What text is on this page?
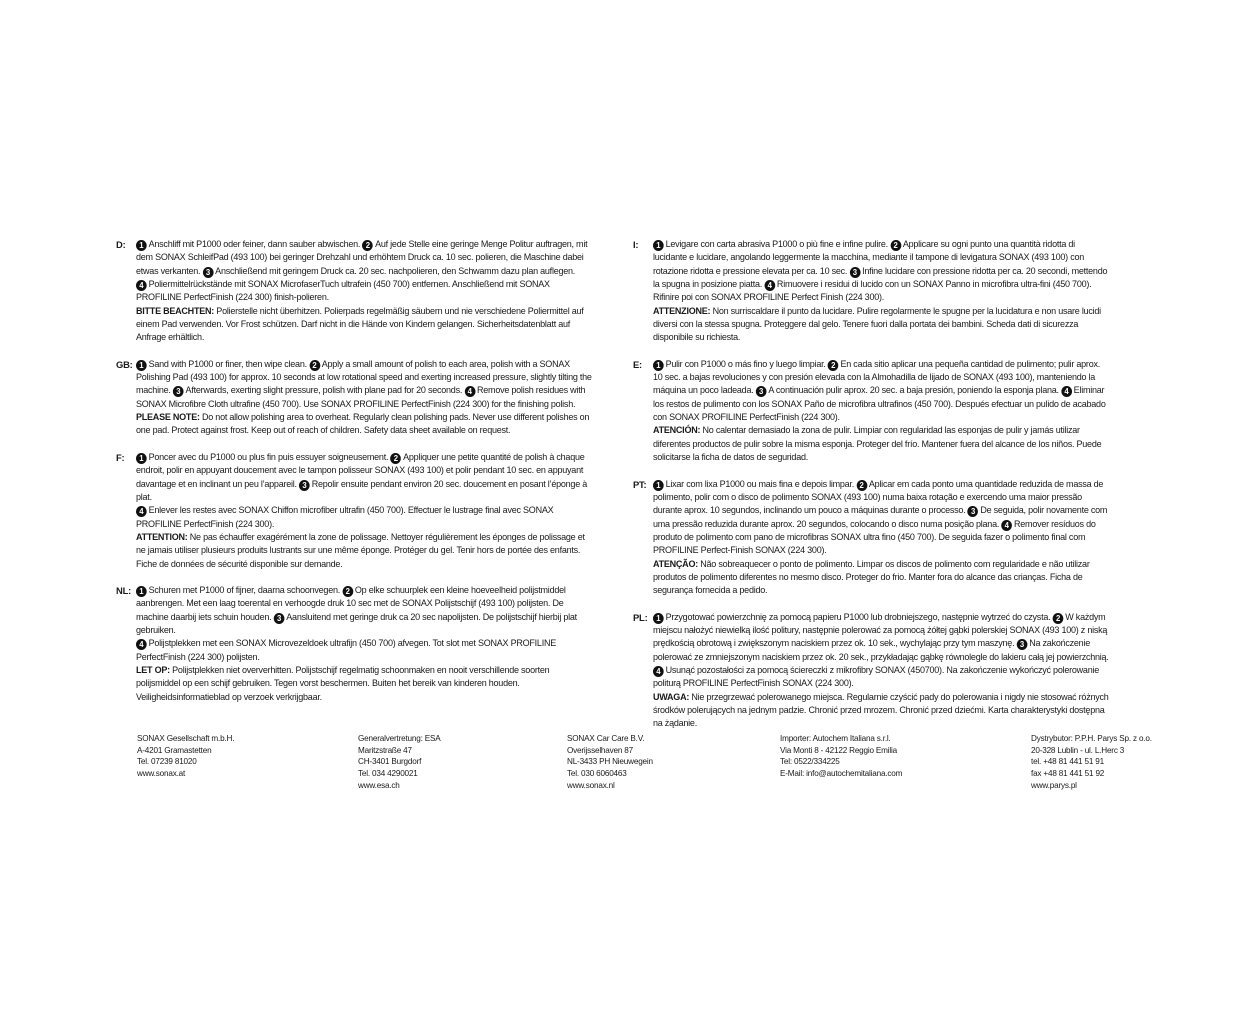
D:	1 Anschliff mit P1000 oder feiner, dann sauber abwischen. 2 Auf jede Stelle eine geringe Menge Politur auftragen, mit dem SONAX SchleifPad (493 100) bei geringer Drehzahl und erhöhtem Druck ca. 10 sec. polieren, die Maschine dabei etwas verkanten. 3 Anschließend mit geringem Druck ca. 20 sec. nachpolieren, den Schwamm dazu plan auflegen.
4 Poliermittelrückstände mit SONAX MicrofaserTuch ultrafein (450 700) entfernen. Anschließend mit SONAX PROFILINE PerfectFinish (224 300) finish-polieren.
BITTE BEACHTEN: Polierstelle nicht überhitzen. Polierpads regelmäßig säubern und nie verschiedene Poliermittel auf einem Pad verwenden. Vor Frost schützen. Darf nicht in die Hände von Kindern gelangen. Sicherheitsdatenblatt auf Anfrage erhältlich.
GB: 1 Sand with P1000 or finer, then wipe clean. 2 Apply a small amount of polish to each area, polish with a SONAX Polishing Pad (493 100) for approx. 10 seconds at low rotational speed and exerting increased pressure, slightly tilting the machine. 3 Afterwards, exerting slight pressure, polish with plane pad for 20 seconds. 4 Remove polish residues with SONAX Microfibre Cloth ultrafine (450 700). Use SONAX PROFILINE PerfectFinish (224 300) for the finishing polish.
PLEASE NOTE: Do not allow polishing area to overheat. Regularly clean polishing pads. Never use different polishes on one pad. Protect against frost. Keep out of reach of children. Safety data sheet available on request.
F:	1 Poncer avec du P1000 ou plus fin puis essuyer soigneusement. 2 Appliquer une petite quantité de polish à chaque endroit, polir en appuyant doucement avec le tampon polisseur SONAX (493 100) et polir pendant 10 sec. en appuyant davantage et en inclinant un peu l’appareil. 3 Repolir ensuite pendant environ 20 sec. doucement en posant l’éponge à plat.
4 Enlever les restes avec SONAX Chiffon microfiber ultrafin (450 700). Effectuer le lustrage final avec SONAX PROFILINE PerfectFinish (224 300).
ATTENTION: Ne pas échauffer exagérément la zone de polissage. Nettoyer régulièrement les éponges de polissage et ne jamais utiliser plusieurs produits lustrants sur une même éponge. Protéger du gel. Tenir hors de portée des enfants. Fiche de données de sécurité disponible sur demande.
NL:	1 Schuren met P1000 of fijner, daarna schoonvegen. 2 Op elke schuurplek een kleine hoeveelheid polijstmiddel aanbrengen. Met een laag toerental en verhoogde druk 10 sec met de SONAX Polijstschijf (493 100) polijsten. De machine daarbij iets schuin houden. 3 Aansluitend met geringe druk ca 20 sec napolijsten. De polijstschijf hierbij plat gebruiken.
4 Polijstplekken met een SONAX Microvezeldoek ultrafijn (450 700) afvegen. Tot slot met SONAX PROFILINE PerfectFinish (224 300) polijsten.
LET OP: Polijstplekken niet oververhitten. Polijstschijf regelmatig schoonmaken en nooit verschillende soorten polijsmiddel op een schijf gebruiken. Tegen vorst beschermen. Buiten het bereik van kinderen houden. Veiligheidsinformatieblad op verzoek verkrijgbaar.
I:	1 Levigare con carta abrasiva P1000 o più fine e infine pulire. 2 Applicare su ogni punto una quantità ridotta di lucidante e lucidare, angolando leggermente la macchina, mediante il tampone di levigatura SONAX (493 100) con rotazione ridotta e pressione elevata per ca. 10 sec. 3 Infine lucidare con pressione ridotta per ca. 20 secondi, mettendo la spugna in posizione piatta. 4 Rimuovere i residui di lucido con un SONAX Panno in microfibra ultra-fini (450 700). Rifinire poi con SONAX PROFILINE Perfect Finish (224 300).
ATTENZIONE: Non surriscaldare il punto da lucidare. Pulire regolarmente le spugne per la lucidatura e non usare lucidi diversi con la stessa spugna. Proteggere dal gelo. Tenere fuori dalla portata dei bambini. Scheda dati di sicurezza disponibile su richiesta.
E:	1 Pulir con P1000 o más fino y luego limpiar. 2 En cada sitio aplicar una pequeña cantidad de pulimento; pulir aprox. 10 sec. a bajas revoluciones y con presión elevada con la Almohadilla de lijado de SONAX (493 100), manteniendo la máquina un poco ladeada. 3 A continuación pulir aprox. 20 sec. a baja presión, poniendo la esponja plana. 4 Eliminar los restos de pulimento con los SONAX Paño de microfibra ultrafinos (450 700). Después efectuar un pulido de acabado con SONAX PROFILINE PerfectFinish (224 300).
ATENCIÓN: No calentar demasiado la zona de pulir. Limpiar con regularidad las esponjas de pulir y jamás utilizar diferentes productos de pulir sobre la misma esponja. Proteger del frío. Mantener fuera del alcance de los niños. Puede solicitarse la ficha de datos de seguridad.
PT:	1 Lixar com lixa P1000 ou mais fina e depois limpar. 2 Aplicar em cada ponto uma quantidade reduzida de massa de polimento, polir com o disco de polimento SONAX (493 100) numa baixa rotação e exercendo uma maior pressão durante aprox. 10 segundos, inclinando um pouco a máquinas durante o processo. 3 De seguida, polir novamente com uma pressão reduzida durante aprox. 20 segundos, colocando o disco numa posição plana. 4 Remover resíduos do produto de polimento com pano de microfibras SONAX ultra fino (450 700). De seguida fazer o polimento final com PROFILINE Perfect-Finish SONAX (224 300).
ATENÇÃO: Não sobreaquecer o ponto de polimento. Limpar os discos de polimento com regularidade e não utilizar produtos de polimento diferentes no mesmo disco. Proteger do frio. Manter fora do alcance das crianças. Ficha de segurança fornecida a pedido.
PL:	1 Przygotować powierzchnię za pomocą papieru P1000 lub drobniejszego, następnie wytrzeć do czysta. 2 W każdym miejscu nałożyć niewielką ilość politury, następnie polerować za pomocą żółtej gąbki polerskiej SONAX (493 100) z niską prędkością obrotową i zwiększonym naciskiem przez ok. 10 sek., wychylając przy tym maszynę. 3 Na zakończenie polerować ze zmniejszonym naciskiem przez ok. 20 sek., przykładając gąbkę równolegle do lakieru całą jej powierzchnią. 4 Usunąć pozostałości za pomocą ściereczki z mikrofibry SONAX (450700). Na zakończenie wykończyć polerowanie politurą PROFILINE PerfectFinish SONAX (224 300).
UWAGA: Nie przegrzewać polerowanego miejsca. Regularnie czyścić pady do polerowania i nigdy nie stosować różnych środków polerujących na jednym padzie. Chronić przed mrozem. Chronić przed dziećmi. Karta charakterystyki dostępna na żądanie.
SONAX Gesellschaft m.b.H.
A-4201 Gramastetten
Tel. 07239 81020
www.sonax.at
Generalvertretung: ESA
Maritzstraße 47
CH-3401 Burgdorf
Tel. 034 4290021
www.esa.ch
SONAX Car Care B.V.
Overijsselhaven 87
NL-3433 PH Nieuwegein
Tel. 030 6060463
www.sonax.nl
Importer: Autochem Italiana s.r.l.
Via Monti 8 - 42122 Reggio Emilia
Tel: 0522/334225
E-Mail: info@autochemitaliana.com
Dystrybutor: P.P.H. Parys Sp. z o.o.
20-328 Lublin - ul. L.Herc 3
tel. +48 81 441 51 91
fax +48 81 441 51 92
www.parys.pl
